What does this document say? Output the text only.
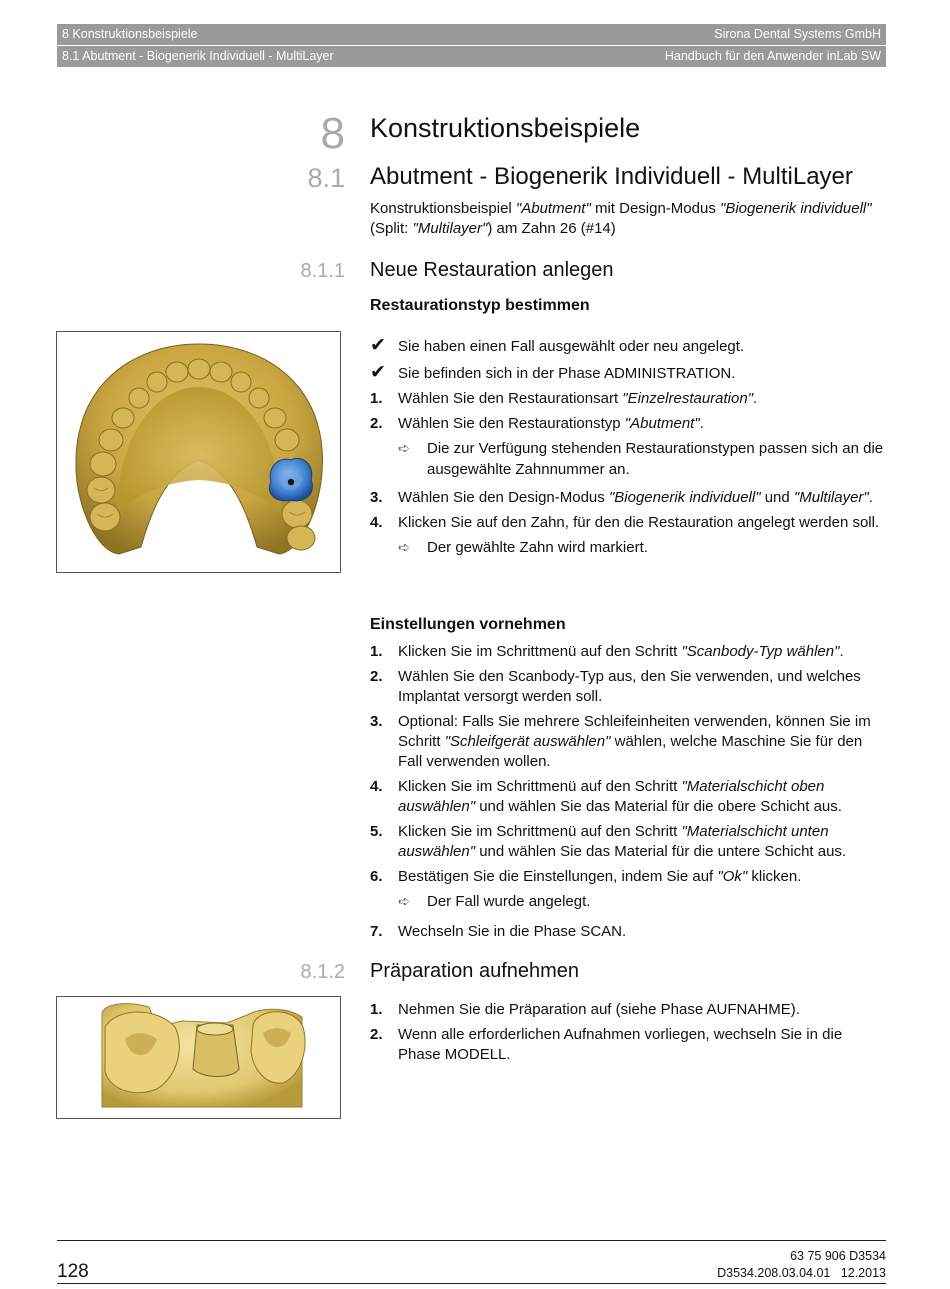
8 Konstruktionsbeispiele	Sirona Dental Systems GmbH
8.1 Abutment - Biogenerik Individuell - MultiLayer	Handbuch für den Anwender inLab SW
8 Konstruktionsbeispiele
8.1 Abutment - Biogenerik Individuell - MultiLayer
Konstruktionsbeispiel "Abutment" mit Design-Modus "Biogenerik individuell" (Split: "Multilayer") am Zahn 26 (#14)
8.1.1 Neue Restauration anlegen
Restaurationstyp bestimmen
✔ Sie haben einen Fall ausgewählt oder neu angelegt.
✔ Sie befinden sich in der Phase ADMINISTRATION.
1. Wählen Sie den Restaurationsart "Einzelrestauration".
2. Wählen Sie den Restaurationstyp "Abutment".
➪ Die zur Verfügung stehenden Restaurationstypen passen sich an die ausgewählte Zahnnummer an.
3. Wählen Sie den Design-Modus "Biogenerik individuell" und "Multilayer".
4. Klicken Sie auf den Zahn, für den die Restauration angelegt werden soll.
➪ Der gewählte Zahn wird markiert.
Einstellungen vornehmen
1. Klicken Sie im Schrittmenü auf den Schritt "Scanbody-Typ wählen".
2. Wählen Sie den Scanbody-Typ aus, den Sie verwenden, und welches Implantat versorgt werden soll.
3. Optional: Falls Sie mehrere Schleifeinheiten verwenden, können Sie im Schritt "Schleifgerät auswählen" wählen, welche Maschine Sie für den Fall verwenden wollen.
4. Klicken Sie im Schrittmenü auf den Schritt "Materialschicht oben auswählen" und wählen Sie das Material für die obere Schicht aus.
5. Klicken Sie im Schrittmenü auf den Schritt "Materialschicht unten auswählen" und wählen Sie das Material für die untere Schicht aus.
6. Bestätigen Sie die Einstellungen, indem Sie auf "Ok" klicken.
➪ Der Fall wurde angelegt.
7. Wechseln Sie in die Phase SCAN.
8.1.2 Präparation aufnehmen
1. Nehmen Sie die Präparation auf (siehe Phase AUFNAHME).
2. Wenn alle erforderlichen Aufnahmen vorliegen, wechseln Sie in die Phase MODELL.
128
63 75 906 D3534
D3534.208.03.04.01   12.2013
